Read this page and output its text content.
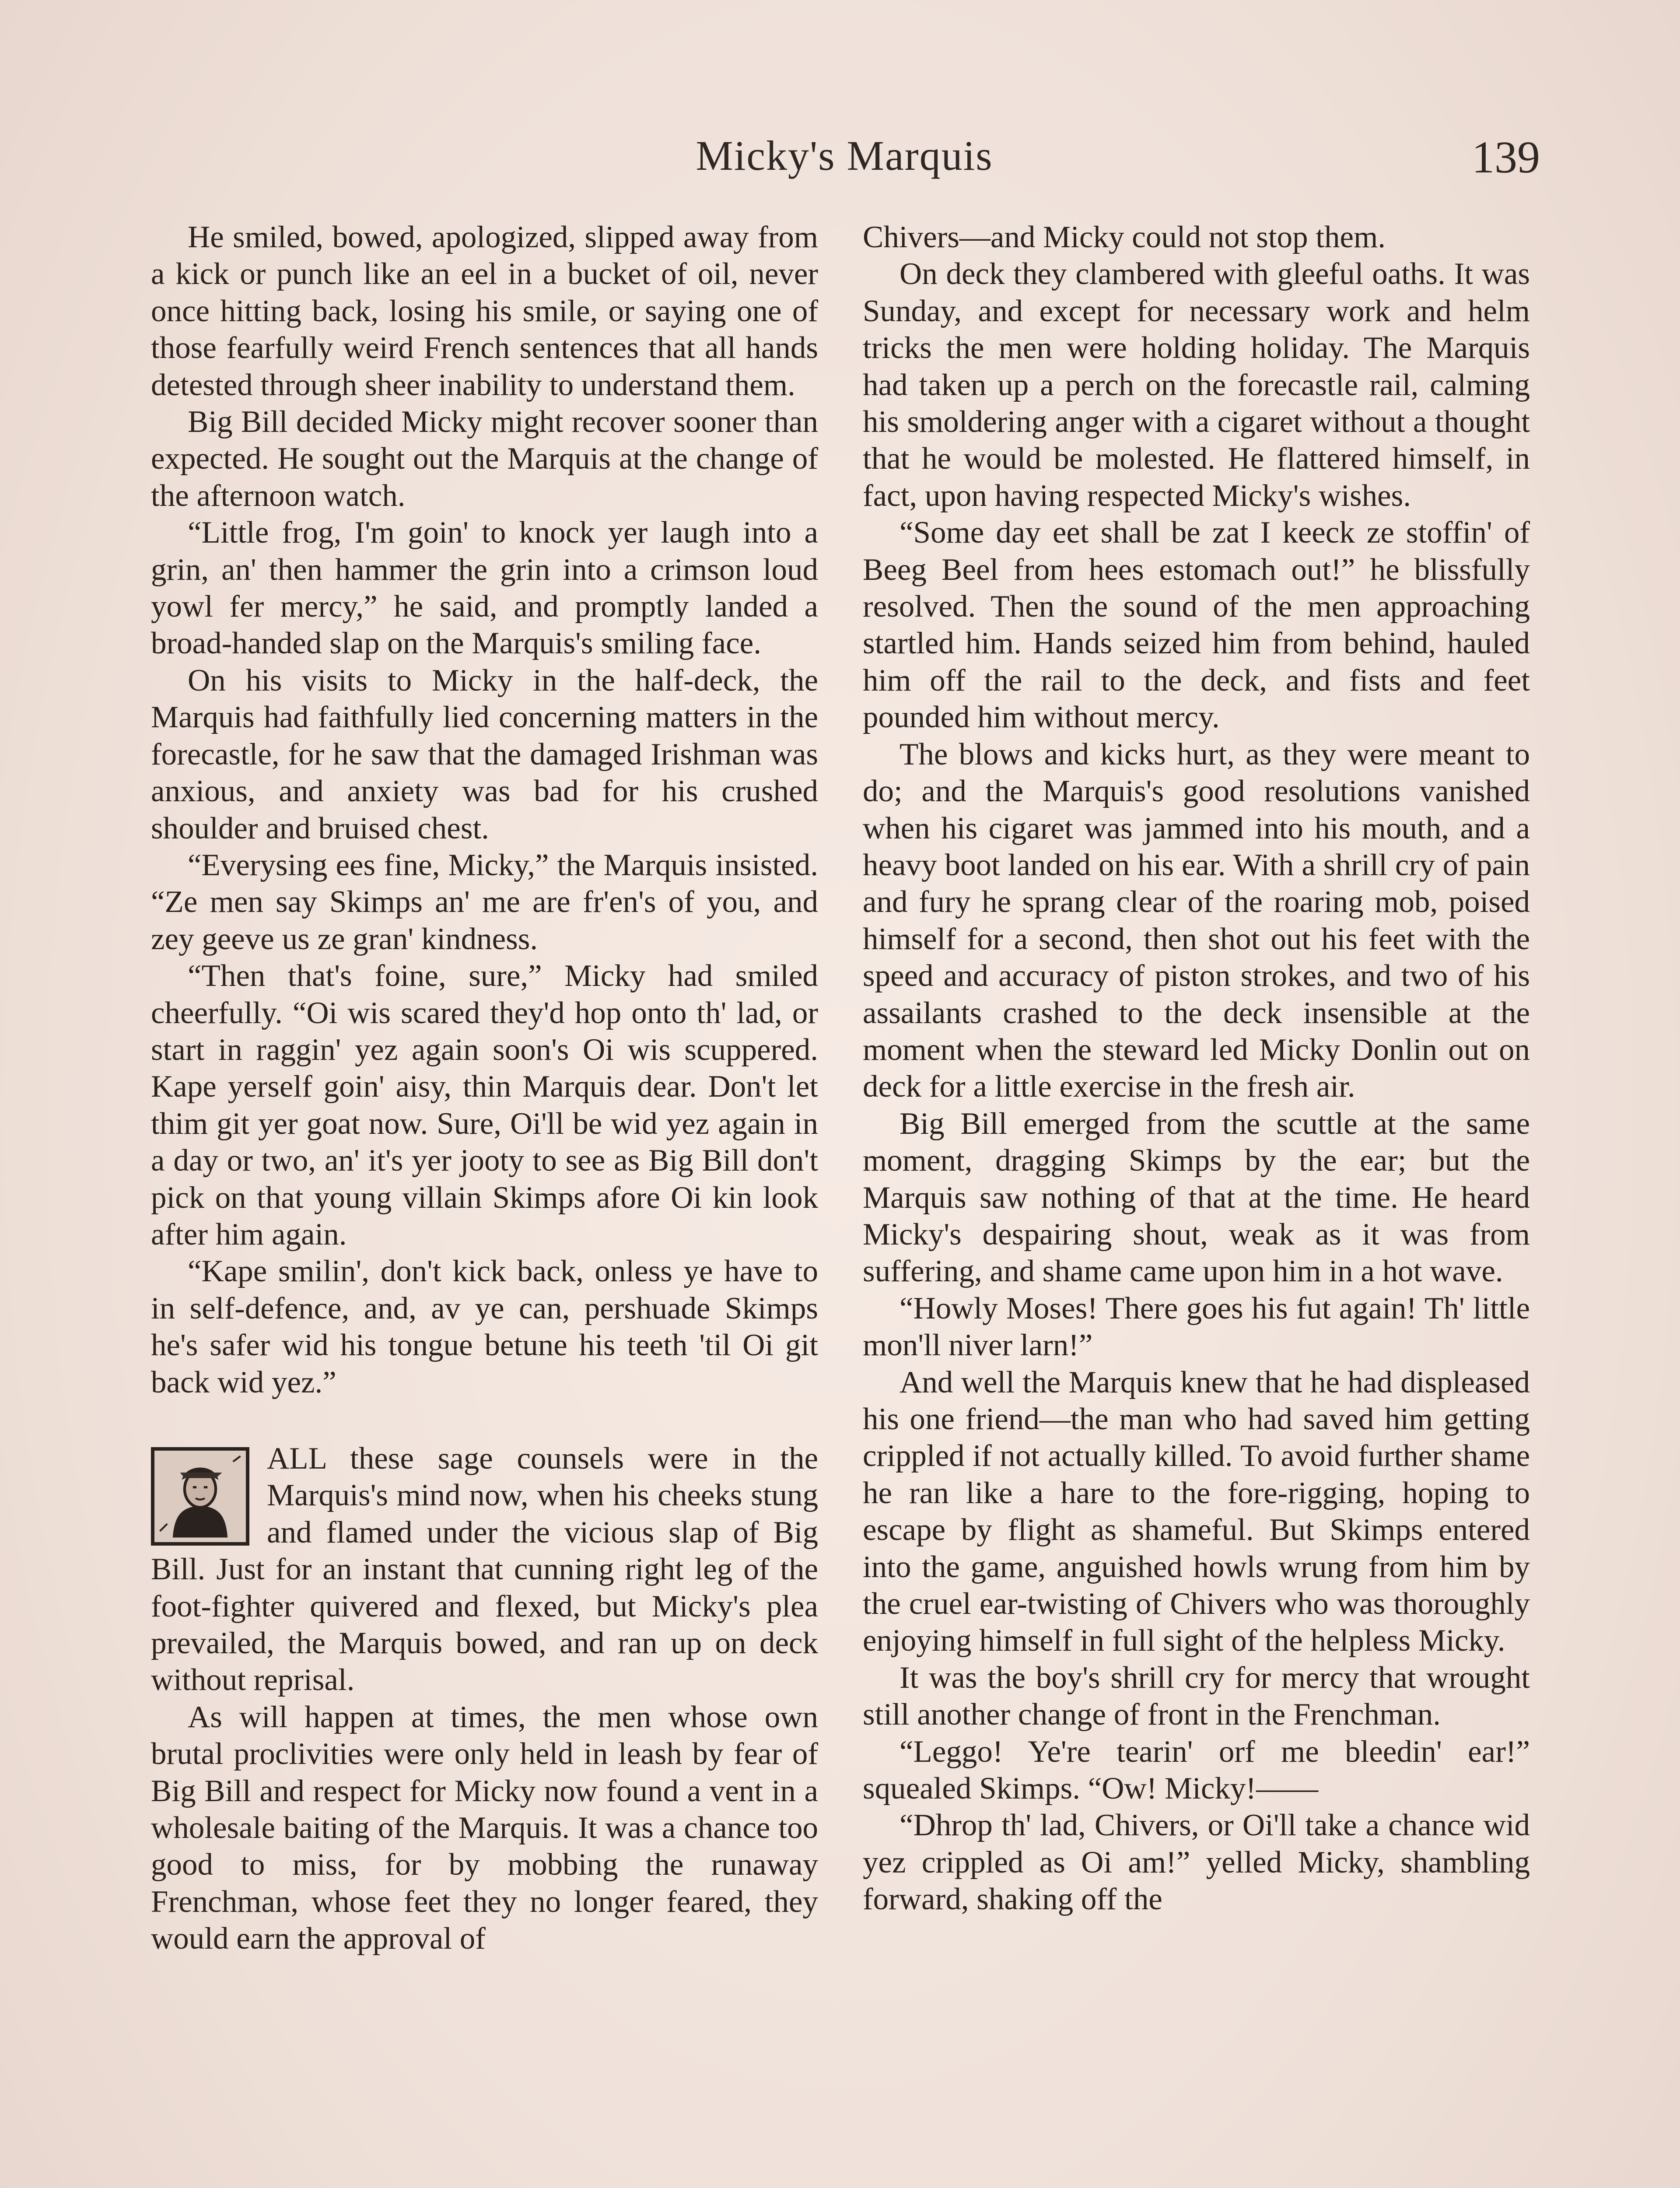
Micky's Marquis	139

He smiled, bowed, apologized, slipped away from a kick or punch like an eel in a bucket of oil, never once hitting back, losing his smile, or saying one of those fearfully weird French sentences that all hands detested through sheer inability to understand them.

Big Bill decided Micky might recover sooner than expected. He sought out the Marquis at the change of the afternoon watch.

“Little frog, I'm goin' to knock yer laugh into a grin, an' then hammer the grin into a crimson loud yowl fer mercy,” he said, and promptly landed a broad-handed slap on the Marquis's smiling face.

On his visits to Micky in the half-deck, the Marquis had faithfully lied concerning matters in the forecastle, for he saw that the damaged Irishman was anxious, and anxiety was bad for his crushed shoulder and bruised chest.

“Everysing ees fine, Micky,” the Marquis insisted. “Ze men say Skimps an' me are fr'en's of you, and zey geeve us ze gran' kindness.

“Then that's foine, sure,” Micky had smiled cheerfully. “Oi wis scared they'd hop onto th' lad, or start in raggin' yez again soon's Oi wis scuppered. Kape yerself goin' aisy, thin Marquis dear. Don't let thim git yer goat now. Sure, Oi'll be wid yez again in a day or two, an' it's yer jooty to see as Big Bill don't pick on that young villain Skimps afore Oi kin look after him again.

“Kape smilin', don't kick back, onless ye have to in self-defence, and, av ye can, pershuade Skimps he's safer wid his tongue betune his teeth 'til Oi git back wid yez.”

ALL these sage counsels were in the Marquis's mind now, when his cheeks stung and flamed under the vicious slap of Big Bill. Just for an instant that cunning right leg of the foot-fighter quivered and flexed, but Micky's plea prevailed, the Marquis bowed, and ran up on deck without reprisal.

As will happen at times, the men whose own brutal proclivities were only held in leash by fear of Big Bill and respect for Micky now found a vent in a wholesale baiting of the Marquis. It was a chance too good to miss, for by mobbing the runaway Frenchman, whose feet they no longer feared, they would earn the approval of

Chivers—and Micky could not stop them.

On deck they clambered with gleeful oaths. It was Sunday, and except for necessary work and helm tricks the men were holding holiday. The Marquis had taken up a perch on the forecastle rail, calming his smoldering anger with a cigaret without a thought that he would be molested. He flattered himself, in fact, upon having respected Micky's wishes.

“Some day eet shall be zat I keeck ze stoffin' of Beeg Beel from hees estomach out!” he blissfully resolved. Then the sound of the men approaching startled him. Hands seized him from behind, hauled him off the rail to the deck, and fists and feet pounded him without mercy.

The blows and kicks hurt, as they were meant to do; and the Marquis's good resolutions vanished when his cigaret was jammed into his mouth, and a heavy boot landed on his ear. With a shrill cry of pain and fury he sprang clear of the roaring mob, poised himself for a second, then shot out his feet with the speed and accuracy of piston strokes, and two of his assailants crashed to the deck insensible at the moment when the steward led Micky Donlin out on deck for a little exercise in the fresh air.

Big Bill emerged from the scuttle at the same moment, dragging Skimps by the ear; but the Marquis saw nothing of that at the time. He heard Micky's despairing shout, weak as it was from suffering, and shame came upon him in a hot wave.

“Howly Moses! There goes his fut again! Th' little mon'll niver larn!”

And well the Marquis knew that he had displeased his one friend—the man who had saved him getting crippled if not actually killed. To avoid further shame he ran like a hare to the fore-rigging, hoping to escape by flight as shameful. But Skimps entered into the game, anguished howls wrung from him by the cruel ear-twisting of Chivers who was thoroughly enjoying himself in full sight of the helpless Micky.

It was the boy's shrill cry for mercy that wrought still another change of front in the Frenchman.

“Leggo! Ye're tearin' orf me bleedin' ear!” squealed Skimps. “Ow! Micky!——

“Dhrop th' lad, Chivers, or Oi'll take a chance wid yez crippled as Oi am!” yelled Micky, shambling forward, shaking off the
